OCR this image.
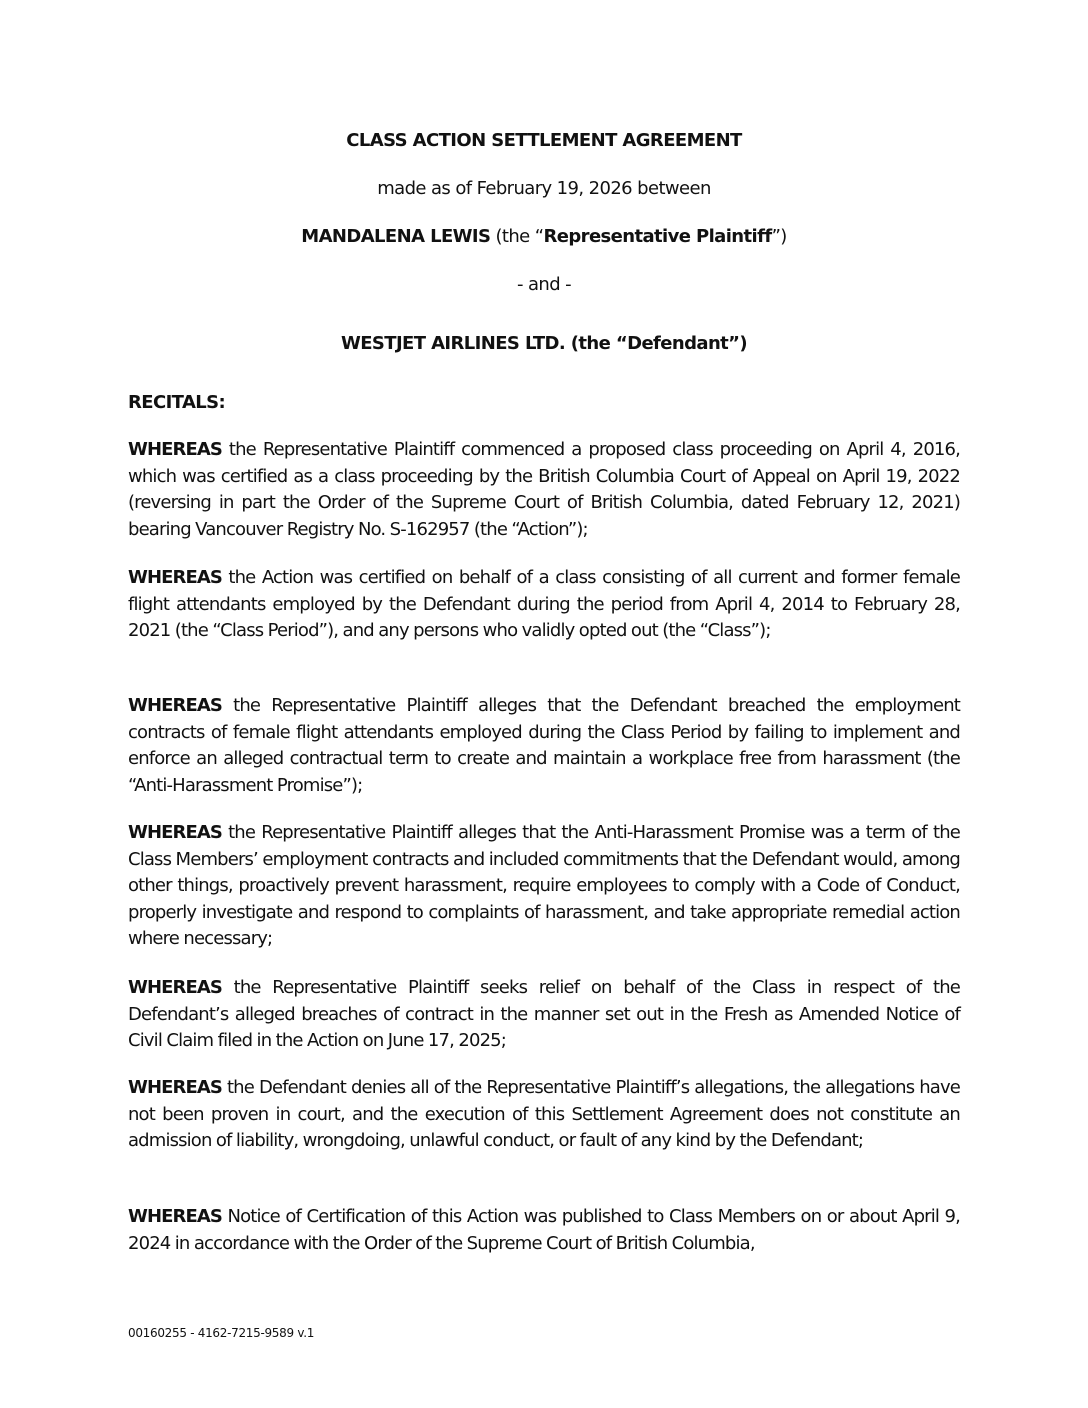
CLASS ACTION SETTLEMENT AGREEMENT
made as of February 19, 2026 between
MANDALENA LEWIS (the “Representative Plaintiff”)
- and -
WESTJET AIRLINES LTD. (the “Defendant”)
RECITALS:

WHEREAS the Representative Plaintiff commenced a proposed class proceeding on April 4, 2016, which was certified as a class proceeding by the British Columbia Court of Appeal on April 19, 2022 (reversing in part the Order of the Supreme Court of British Columbia, dated February 12, 2021) bearing Vancouver Registry No. S-162957 (the “Action”);

WHEREAS the Action was certified on behalf of a class consisting of all current and former female flight attendants employed by the Defendant during the period from April 4, 2014 to February 28, 2021 (the “Class Period”), and any persons who validly opted out (the “Class”);

WHEREAS the Representative Plaintiff alleges that the Defendant breached the employment contracts of female flight attendants employed during the Class Period by failing to implement and enforce an alleged contractual term to create and maintain a workplace free from harassment (the “Anti-Harassment Promise”);

WHEREAS the Representative Plaintiff alleges that the Anti-Harassment Promise was a term of the Class Members’ employment contracts and included commitments that the Defendant would, among other things, proactively prevent harassment, require employees to comply with a Code of Conduct, properly investigate and respond to complaints of harassment, and take appropriate remedial action where necessary;

WHEREAS the Representative Plaintiff seeks relief on behalf of the Class in respect of the Defendant’s alleged breaches of contract in the manner set out in the Fresh as Amended Notice of Civil Claim filed in the Action on June 17, 2025;

WHEREAS the Defendant denies all of the Representative Plaintiff’s allegations, the allegations have not been proven in court, and the execution of this Settlement Agreement does not constitute an admission of liability, wrongdoing, unlawful conduct, or fault of any kind by the Defendant;

WHEREAS Notice of Certification of this Action was published to Class Members on or about April 9, 2024 in accordance with the Order of the Supreme Court of British Columbia,

00160255 - 4162-7215-9589 v.1
